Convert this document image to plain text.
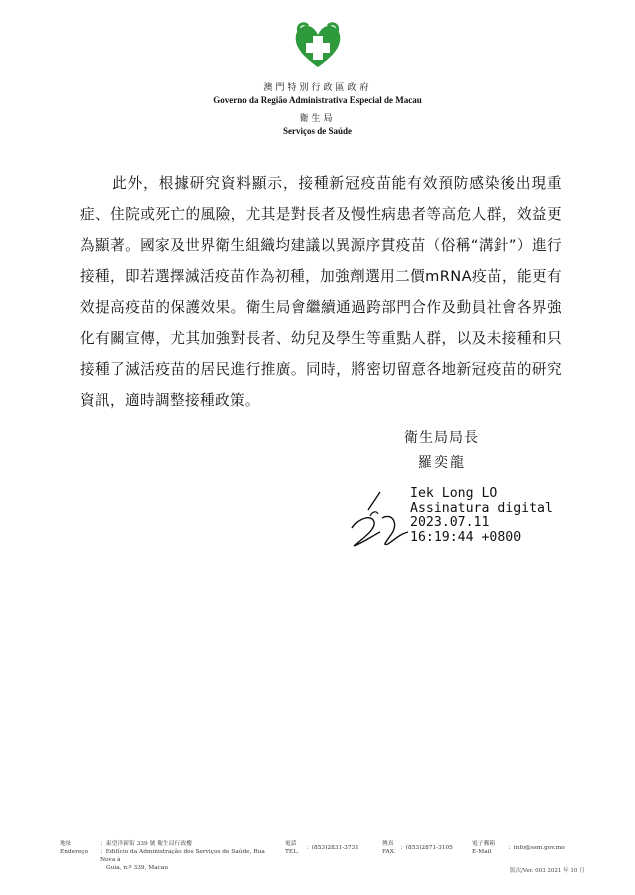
澳門特別行政區政府
Governo da Região Administrativa Especial de Macau
衛生局
Serviços de Saúde

此外，根據研究資料顯示，接種新冠疫苗能有效預防感染後出現重症、住院或死亡的風險，尤其是對長者及慢性病患者等高危人群，效益更為顯著。國家及世界衛生組織均建議以異源序貫疫苗（俗稱“溝針”）進行接種，即若選擇滅活疫苗作為初種，加強劑選用二價mRNA疫苗，能更有效提高疫苗的保護效果。衛生局會繼續通過跨部門合作及動員社會各界強化有關宣傳，尤其加強對長者、幼兒及學生等重點人群，以及未接種和只接種了滅活疫苗的居民進行推廣。同時，將密切留意各地新冠疫苗的研究資訊，適時調整接種政策。

衛生局局長
羅奕龍
Iek Long LO
Assinatura digital
2023.07.11
16:19:44 +0800
地址
Endereço
：東望洋新街 339 號 衛生局行政樓
：Edifício da Administração dos Serviços de Saúde, Rua Nova à
Guia, n.º 339, Macau
電話
TEL.
：(853)2831-3731
傳真
FAX.
：(853)2871-3105
電子郵箱
E-Mail
：info@ssm.gov.mo
版次/Ver. 003 2021 年 10 月
